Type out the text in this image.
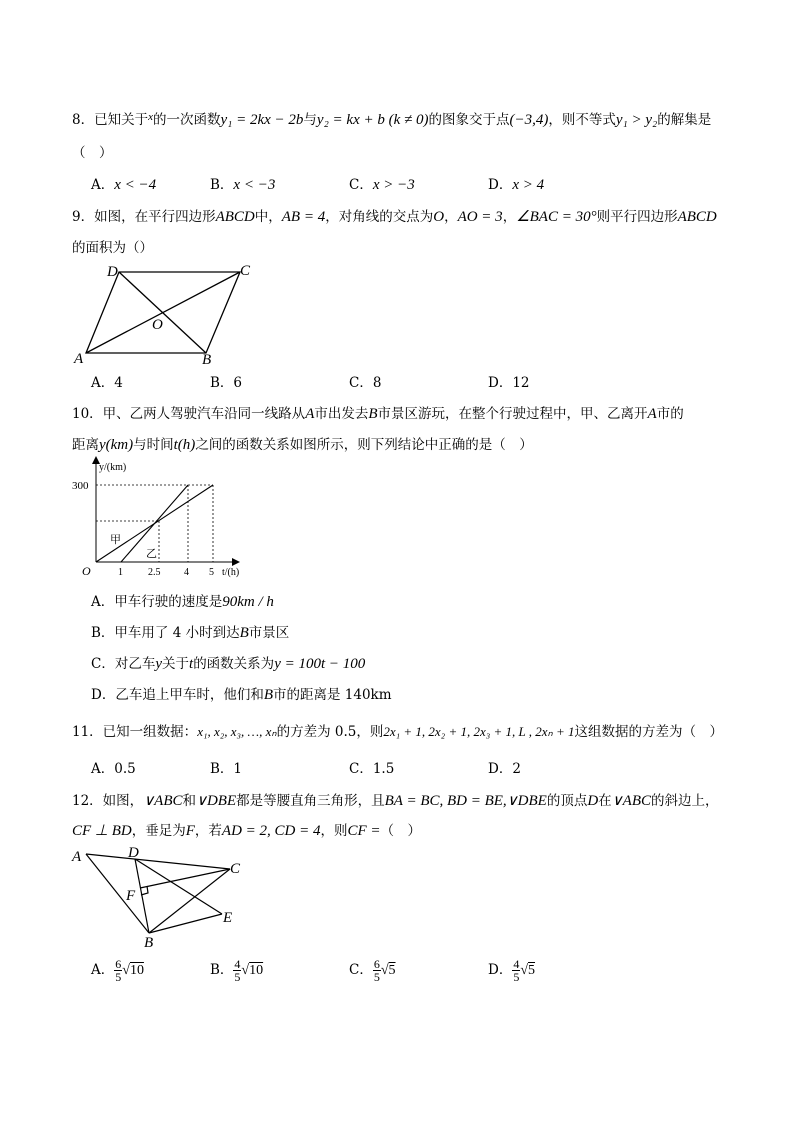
8．已知关于$^x$的一次函数y₁ = 2kx − 2b与y₂ = kx + b (k ≠ 0)的图象交于点(−3,4)，则不等式y₁ > y₂的解集是
（　）
A．x < −4	B．x < −3	C．x > −3	D．x > 4
9．如图，在平行四边形ABCD中，AB = 4，对角线的交点为O，AO = 3，∠BAC = 30°则平行四边形ABCD
的面积为（）
A	B
C
D
O
A．4	B．6	C．8	D．12
10．甲、乙两人驾驶汽车沿同一线路从A市出发去B市景区游玩，在整个行驶过程中，甲、乙离开A市的
距离y(km)与时间t(h)之间的函数关系如图所示，则下列结论中正确的是（　）
y/(km)
300
O	1	2.5 4 5 t/(h)
甲
乙
A．甲车行驶的速度是90km / h
B．甲车用了 4 小时到达B市景区
C．对乙车y关于t的函数关系为y = 100t − 100
D．乙车追上甲车时，他们和B市的距离是 140km
11．已知一组数据：x₁, x₂, x₃, …, xₙ的方差为 0.5，则2x₁ + 1, 2x₂ + 1, 2x₃ + 1, L , 2xₙ + 1这组数据的方差为（　）
A．0.5	B．1	C．1.5	D．2
12．如图，∨ABC和∨DBE都是等腰直角三角形，且BA = BC, BD = BE,∨DBE的顶点D在∨ABC的斜边上，
CF ⊥ BD，垂足为F，若AD = 2, CD = 4，则CF =（　）
A	D
C
F
E
B
A． $\frac{6}{5} √10$	B． $\frac{4}{5} √10$	C． $\frac{6}{5} √5$	D． $\frac{4}{5} √5$
